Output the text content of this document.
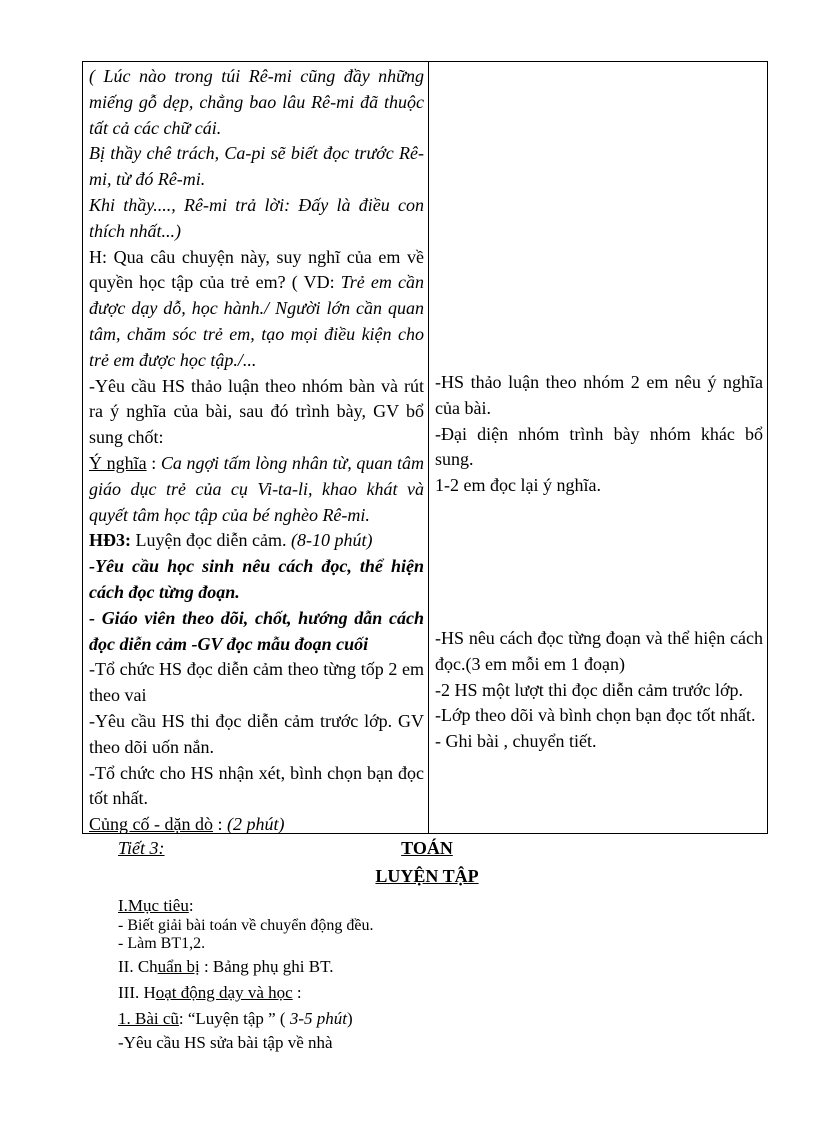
( Lúc nào trong túi Rê-mi cũng đầy những miếng gỗ dẹp, chẳng bao lâu Rê-mi đã thuộc tất cả các chữ cái.

Bị thầy chê trách, Ca-pi sẽ biết đọc trước Rê-mi, từ đó Rê-mi.

Khi thầy...., Rê-mi trả lời: Đấy là điều con thích nhất...)

H: Qua câu chuyện này, suy nghĩ của em về quyền học tập của trẻ em? ( VD: Trẻ em cần được dạy dỗ, học hành./ Người lớn cần quan tâm, chăm sóc trẻ em, tạo mọi điều kiện cho trẻ em được học tập./...

-Yêu cầu HS thảo luận theo nhóm bàn và rút ra ý nghĩa của bài, sau đó trình bày, GV bổ sung chốt:

Ý nghĩa : Ca ngợi tấm lòng nhân từ, quan tâm giáo dục trẻ của cụ Vi-ta-li, khao khát và quyết tâm học tập của bé nghèo Rê-mi.

HĐ3: Luyện đọc diễn cảm. (8-10 phút)

-Yêu cầu học sinh nêu cách đọc, thể hiện cách đọc từng đoạn.

- Giáo viên theo dõi, chốt, hướng dẫn cách đọc diễn cảm -GV đọc mẫu đoạn cuối

-Tổ chức HS đọc diễn cảm theo từng tốp 2 em theo vai

-Yêu cầu HS thi đọc diễn cảm trước lớp. GV theo dõi uốn nắn.

-Tổ chức cho HS nhận xét, bình chọn bạn đọc tốt nhất.

Củng cố - dặn dò : (2 phút)

-HS thảo luận theo nhóm 2 em nêu ý nghĩa của bài.

-Đại diện nhóm trình bày nhóm khác bổ sung.

1-2 em đọc lại ý nghĩa.

-HS nêu cách đọc từng đoạn và thể hiện cách đọc.(3 em mỗi em 1 đoạn)

-2 HS một lượt thi đọc diễn cảm trước lớp.

-Lớp theo dõi và bình chọn bạn đọc tốt nhất.

- Ghi bài , chuyển tiết.

Tiết 3:	TOÁN
LUYỆN TẬP
I.Mục tiêu:
- Biết giải bài toán về chuyển động đều.
- Làm BT1,2.
II. Chuẩn bị : Bảng phụ ghi BT.
III. Hoạt động dạy và học :
1. Bài cũ: “Luyện tập ” ( 3-5 phút)
-Yêu cầu HS sửa bài tập về nhà
